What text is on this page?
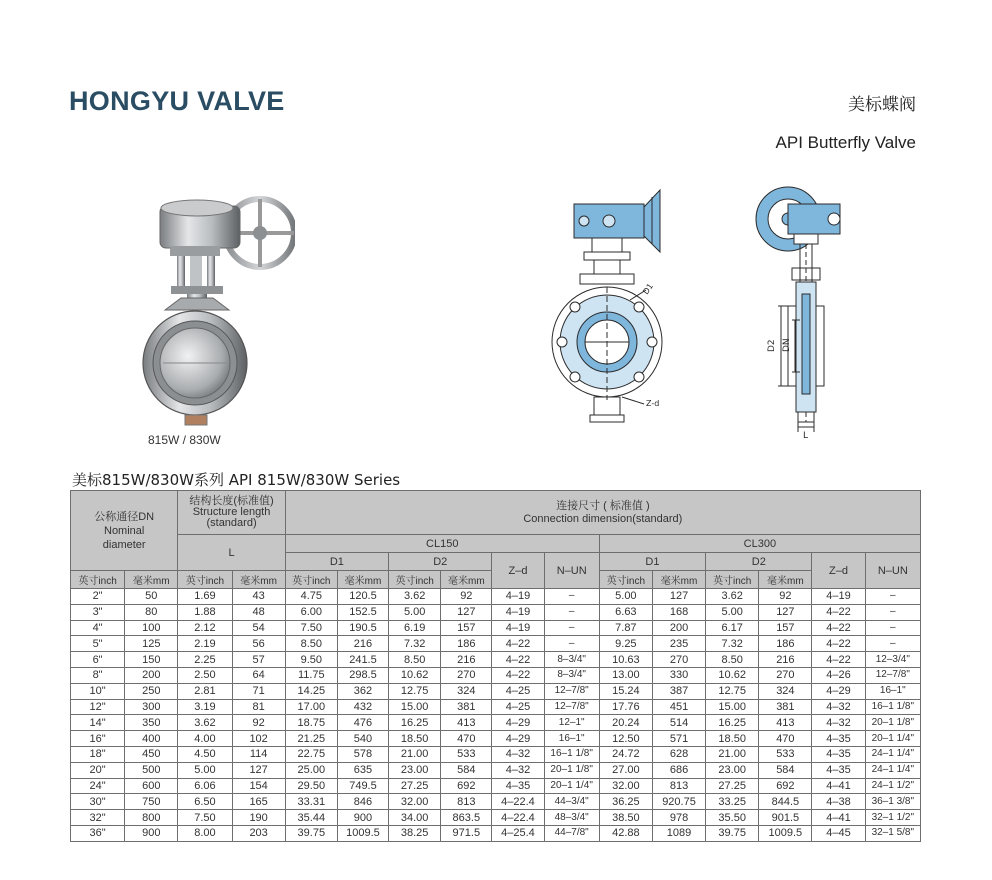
HONGYU VALVE	美标蝶阀
API Butterfly Valve
815W / 830W
D1
Z-d
D2 DN
L
美标815W/830W系列 API 815W/830W Series
公称通径DN
Nominal
diameter		结构长度(标准值)
Structure length
(standard)		连接尺寸 ( 标准值 )
Connection dimension(standard)											

		L		CL150						CL300					
				D1		D2		Z–d	N–UN	D1		D2		Z–d	N–UN
英寸inch	毫米mm	英寸inch	毫米mm	英寸inch	毫米mm	英寸inch	毫米mm			英寸inch	毫米mm	英寸inch	毫米mm		
2"	50	1.69	43	4.75	120.5	3.62	92	4–19	–	5.00	127	3.62	92	4–19	–
3"	80	1.88	48	6.00	152.5	5.00	127	4–19	–	6.63	168	5.00	127	4–22	–
4"	100	2.12	54	7.50	190.5	6.19	157	4–19	–	7.87	200	6.17	157	4–22	–
5"	125	2.19	56	8.50	216	7.32	186	4–22	–	9.25	235	7.32	186	4–22	–
6"	150	2.25	57	9.50	241.5	8.50	216	4–22	8–3/4"	10.63	270	8.50	216	4–22	12–3/4"
8"	200	2.50	64	11.75	298.5	10.62	270	4–22	8–3/4"	13.00	330	10.62	270	4–26	12–7/8"
10"	250	2.81	71	14.25	362	12.75	324	4–25	12–7/8"	15.24	387	12.75	324	4–29	16–1"
12"	300	3.19	81	17.00	432	15.00	381	4–25	12–7/8"	17.76	451	15.00	381	4–32	16–1 1/8"
14"	350	3.62	92	18.75	476	16.25	413	4–29	12–1"	20.24	514	16.25	413	4–32	20–1 1/8"
16"	400	4.00	102	21.25	540	18.50	470	4–29	16–1"	12.50	571	18.50	470	4–35	20–1 1/4"
18"	450	4.50	114	22.75	578	21.00	533	4–32	16–1 1/8"	24.72	628	21.00	533	4–35	24–1 1/4"
20"	500	5.00	127	25.00	635	23.00	584	4–32	20–1 1/8"	27.00	686	23.00	584	4–35	24–1 1/4"
24"	600	6.06	154	29.50	749.5	27.25	692	4–35	20–1 1/4"	32.00	813	27.25	692	4–41	24–1 1/2"
30"	750	6.50	165	33.31	846	32.00	813	4–22.4	44–3/4"	36.25	920.75	33.25	844.5	4–38	36–1 3/8"
32"	800	7.50	190	35.44	900	34.00	863.5	4–22.4	48–3/4"	38.50	978	35.50	901.5	4–41	32–1 1/2"
36"	900	8.00	203	39.75	1009.5	38.25	971.5	4–25.4	44–7/8"	42.88	1089	39.75	1009.5	4–45	32–1 5/8"
